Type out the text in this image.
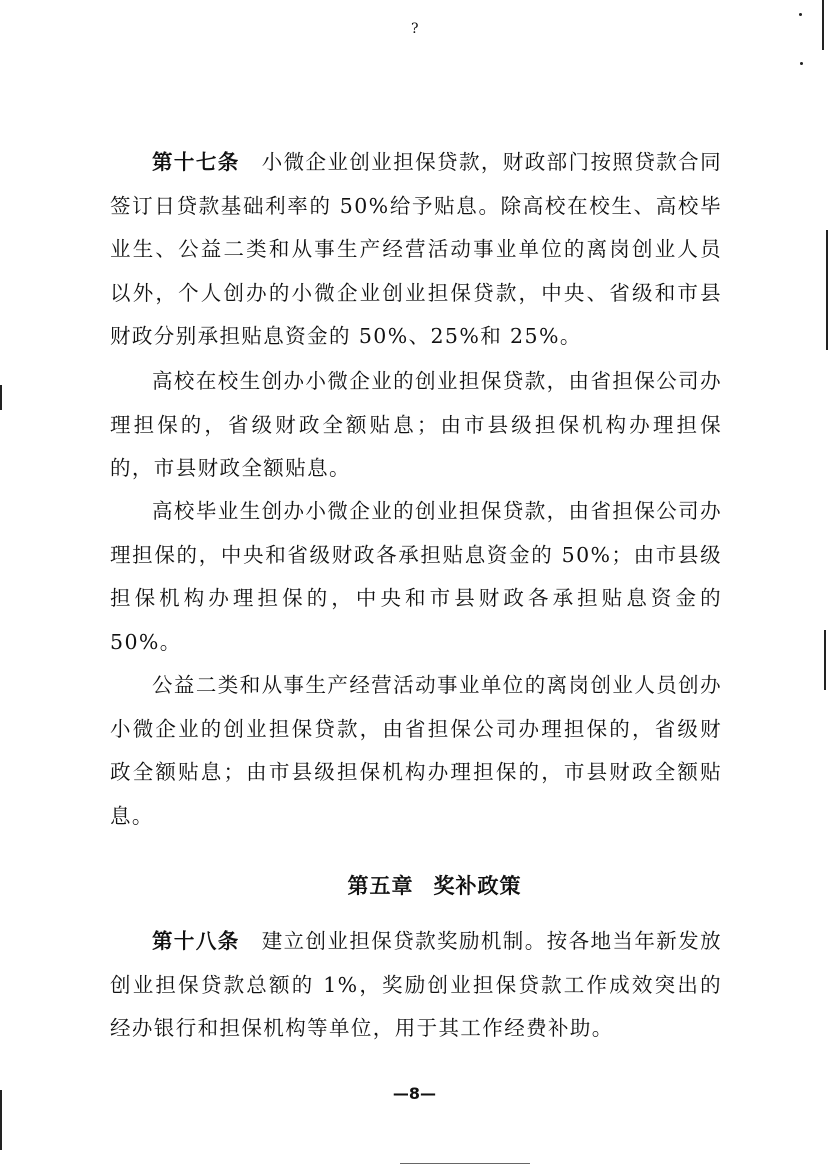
?

第十七条 小微企业创业担保贷款，财政部门按照贷款合同签订日贷款基础利率的 50%给予贴息。除高校在校生、高校毕业生、公益二类和从事生产经营活动事业单位的离岗创业人员以外，个人创办的小微企业创业担保贷款，中央、省级和市县财政分别承担贴息资金的 50%、25%和 25%。

高校在校生创办小微企业的创业担保贷款，由省担保公司办理担保的，省级财政全额贴息；由市县级担保机构办理担保的，市县财政全额贴息。

高校毕业生创办小微企业的创业担保贷款，由省担保公司办理担保的，中央和省级财政各承担贴息资金的 50%；由市县级担保机构办理担保的，中央和市县财政各承担贴息资金的 50%。

公益二类和从事生产经营活动事业单位的离岗创业人员创办小微企业的创业担保贷款，由省担保公司办理担保的，省级财政全额贴息；由市县级担保机构办理担保的，市县财政全额贴息。

第五章 奖补政策

第十八条 建立创业担保贷款奖励机制。按各地当年新发放创业担保贷款总额的 1%，奖励创业担保贷款工作成效突出的经办银行和担保机构等单位，用于其工作经费补助。

—8—
